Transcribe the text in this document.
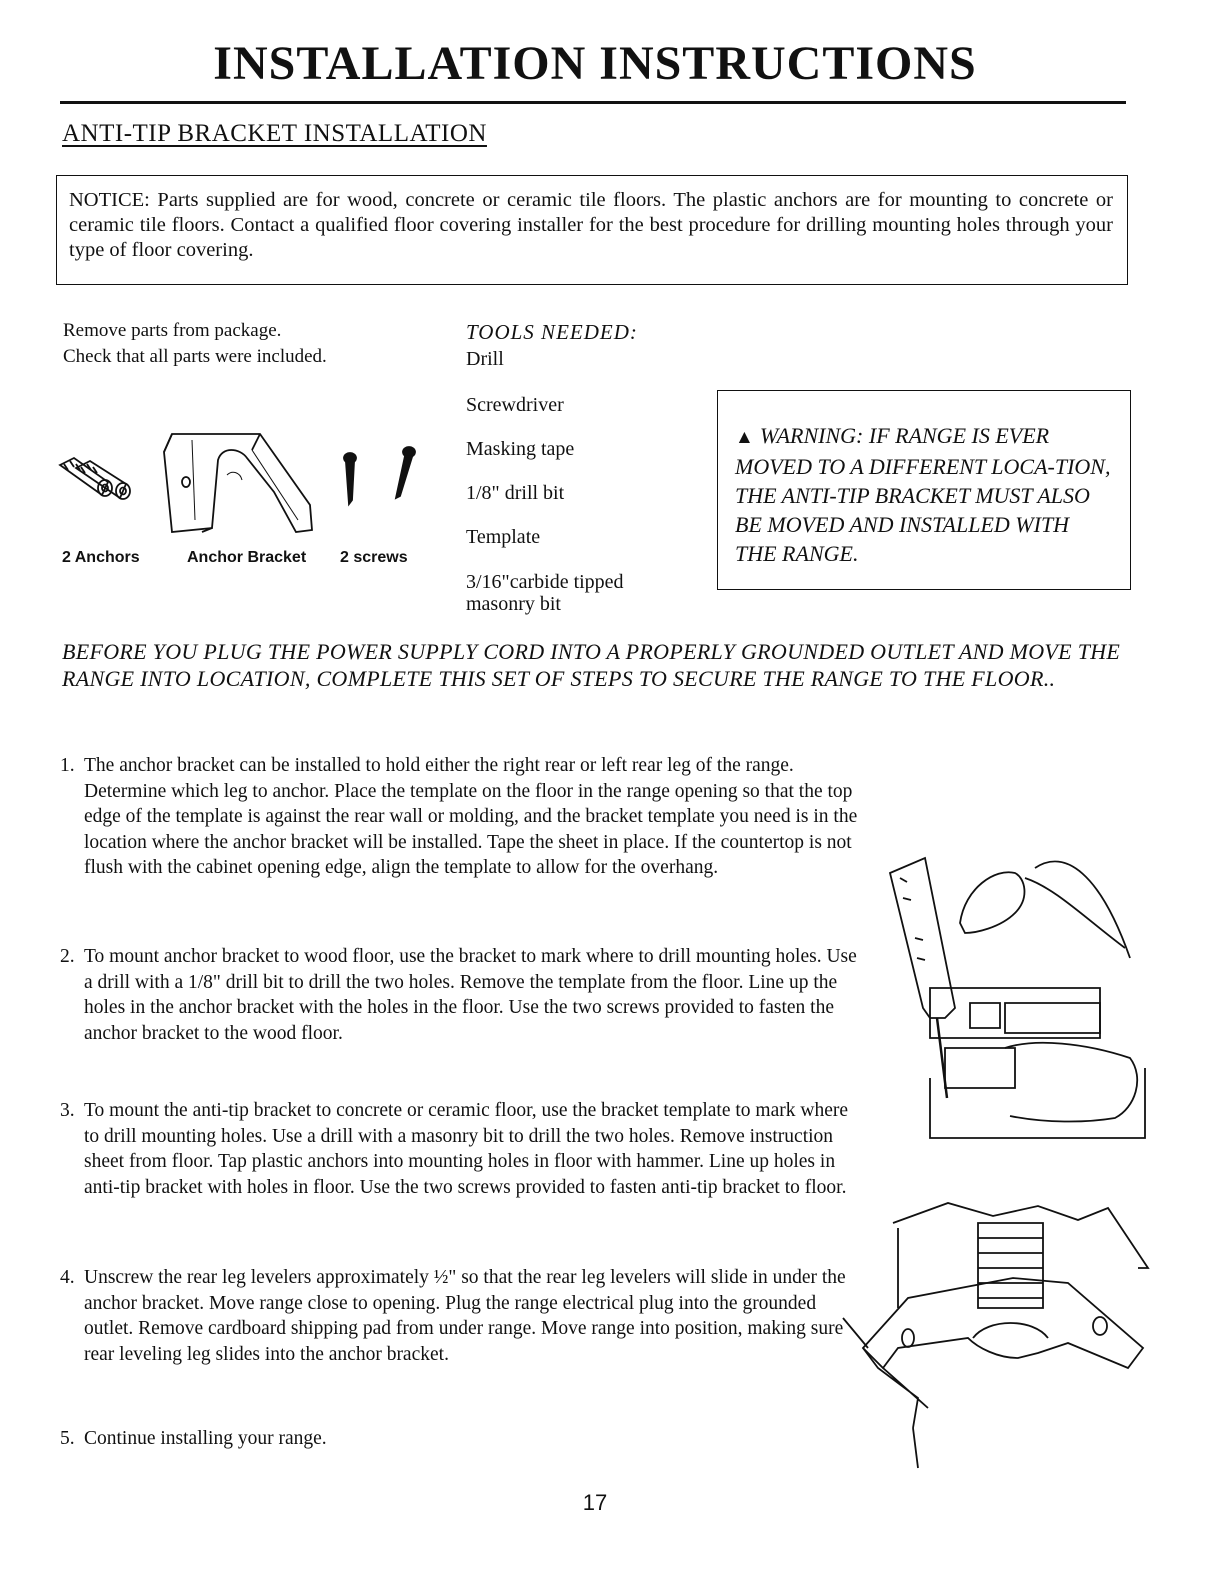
INSTALLATION INSTRUCTIONS
ANTI-TIP BRACKET INSTALLATION
NOTICE: Parts supplied are for wood, concrete or ceramic tile floors. The plastic anchors are for mounting to concrete or ceramic tile floors. Contact a qualified floor covering installer for the best procedure for drilling mounting holes through your type of floor covering.
Remove parts from package.
Check that all parts were included.
TOOLS NEEDED:
Drill
Screwdriver
Masking tape
1/8" drill bit
Template
3/16"carbide tipped
masonry bit
2 Anchors	Anchor Bracket 2 screws
▲ WARNING: IF RANGE IS EVER MOVED TO A DIFFERENT LOCA-TION, THE ANTI-TIP BRACKET MUST ALSO BE MOVED AND INSTALLED WITH THE RANGE.
BEFORE YOU PLUG THE POWER SUPPLY CORD INTO A PROPERLY GROUNDED OUTLET AND MOVE THE RANGE INTO LOCATION, COMPLETE THIS SET OF STEPS TO SECURE THE RANGE TO THE FLOOR..
1. The anchor bracket can be installed to hold either the right rear or left rear leg of the range. Determine which leg to anchor. Place the template on the floor in the range opening so that the top edge of the template is against the rear wall or molding, and the bracket template you need is in the location where the anchor bracket will be installed. Tape the sheet in place. If the countertop is not flush with the cabinet opening edge, align the template to allow for the overhang.
2. To mount anchor bracket to wood floor, use the bracket to mark where to drill mounting holes. Use a drill with a 1/8" drill bit to drill the two holes. Remove the template from the floor. Line up the holes in the anchor bracket with the holes in the floor. Use the two screws provided to fasten the anchor bracket to the wood floor.
3. To mount the anti-tip bracket to concrete or ceramic floor, use the bracket template to mark where to drill mounting holes. Use a drill with a masonry bit to drill the two holes. Remove instruction sheet from floor. Tap plastic anchors into mounting holes in floor with hammer. Line up holes in anti-tip bracket with holes in floor. Use the two screws provided to fasten anti-tip bracket to floor.
4. Unscrew the rear leg levelers approximately ½" so that the rear leg levelers will slide in under the anchor bracket. Move range close to opening. Plug the range electrical plug into the grounded outlet. Remove cardboard shipping pad from under range. Move range into position, making sure rear leveling leg slides into the anchor bracket.
5. Continue installing your range.
17
